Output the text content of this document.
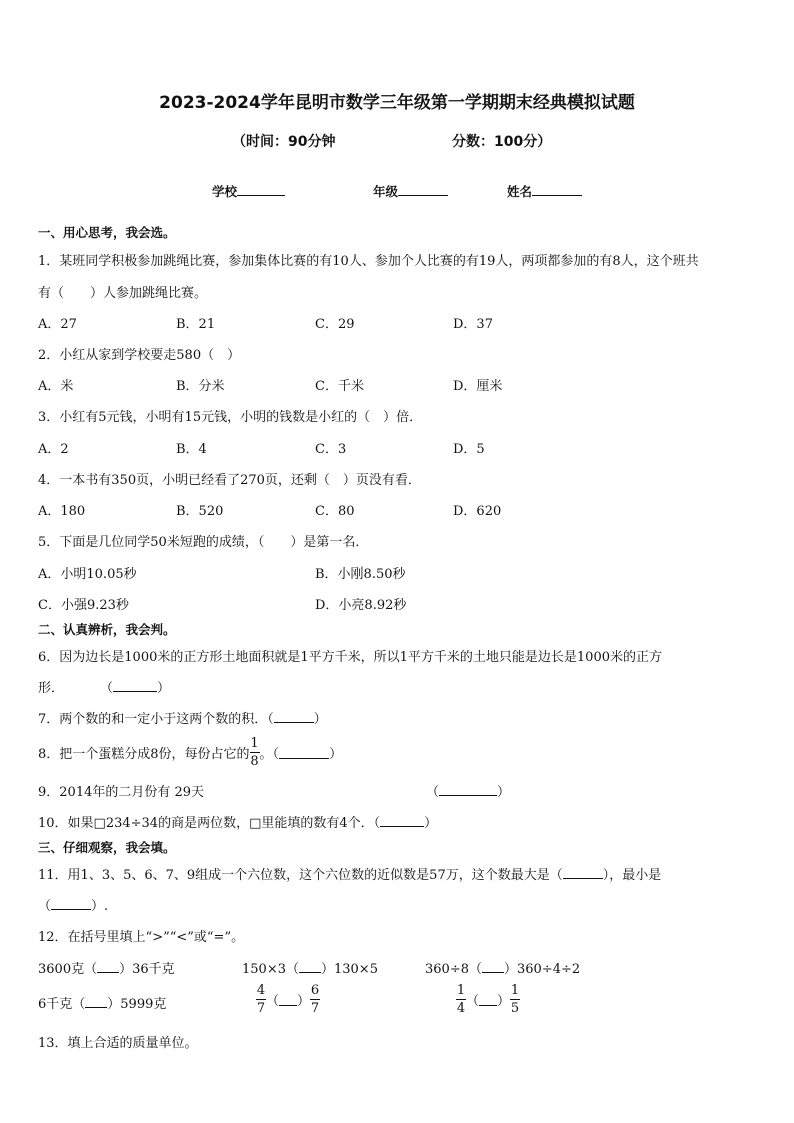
2023-2024学年昆明市数学三年级第一学期期末经典模拟试题
（时间：90分钟	分数：100分）
学校	年级	姓名
一、用心思考，我会选。
1．某班同学积极参加跳绳比赛，参加集体比赛的有10人、参加个人比赛的有19人，两项都参加的有8人，这个班共
有（　　）人参加跳绳比赛。
A．27	B．21	C．29	D．37
2．小红从家到学校要走580（　）
A．米	B．分米	C．千米	D．厘米
3．小红有5元钱，小明有15元钱，小明的钱数是小红的（　）倍．
A．2	B．4	C．3	D．5
4．一本书有350页，小明已经看了270页，还剩（　）页没有看．
A．180	B．520	C．80	D．620
5．下面是几位同学50米短跑的成绩，（　　）是第一名．
A．小明10.05秒	B．小刚8.50秒
C．小强9.23秒	D．小亮8.92秒
二、认真辨析，我会判。
6．因为边长是1000米的正方形土地面积就是1平方千米，所以1平方千米的土地只能是边长是1000米的正方
形．	（	）
7．两个数的和一定小于这两个数的积．（	）
8．把一个蛋糕分成8份，每份占它的 $\frac{1}{8}$ 。（	）
9．2014年的二月份有 29天	（	）
10．如果□234÷34的商是两位数，□里能填的数有4个．（	）
三、仔细观察，我会填。
11．用1、3、5、6、7、9组成一个六位数，这个六位数的近似数是57万，这个数最大是（	），最小是
（	）.
12．在括号里填上“>”“<”或“=”。
3600克（ ）36千克	150×3（ ）130×5	360÷8（ ）360÷4÷2
6千克（ ）5999克	$\frac{4}{7}$ （ ） $\frac{6}{7}$	$\frac{1}{4}$ （ ） $\frac{1}{5}$
13．填上合适的质量单位。
